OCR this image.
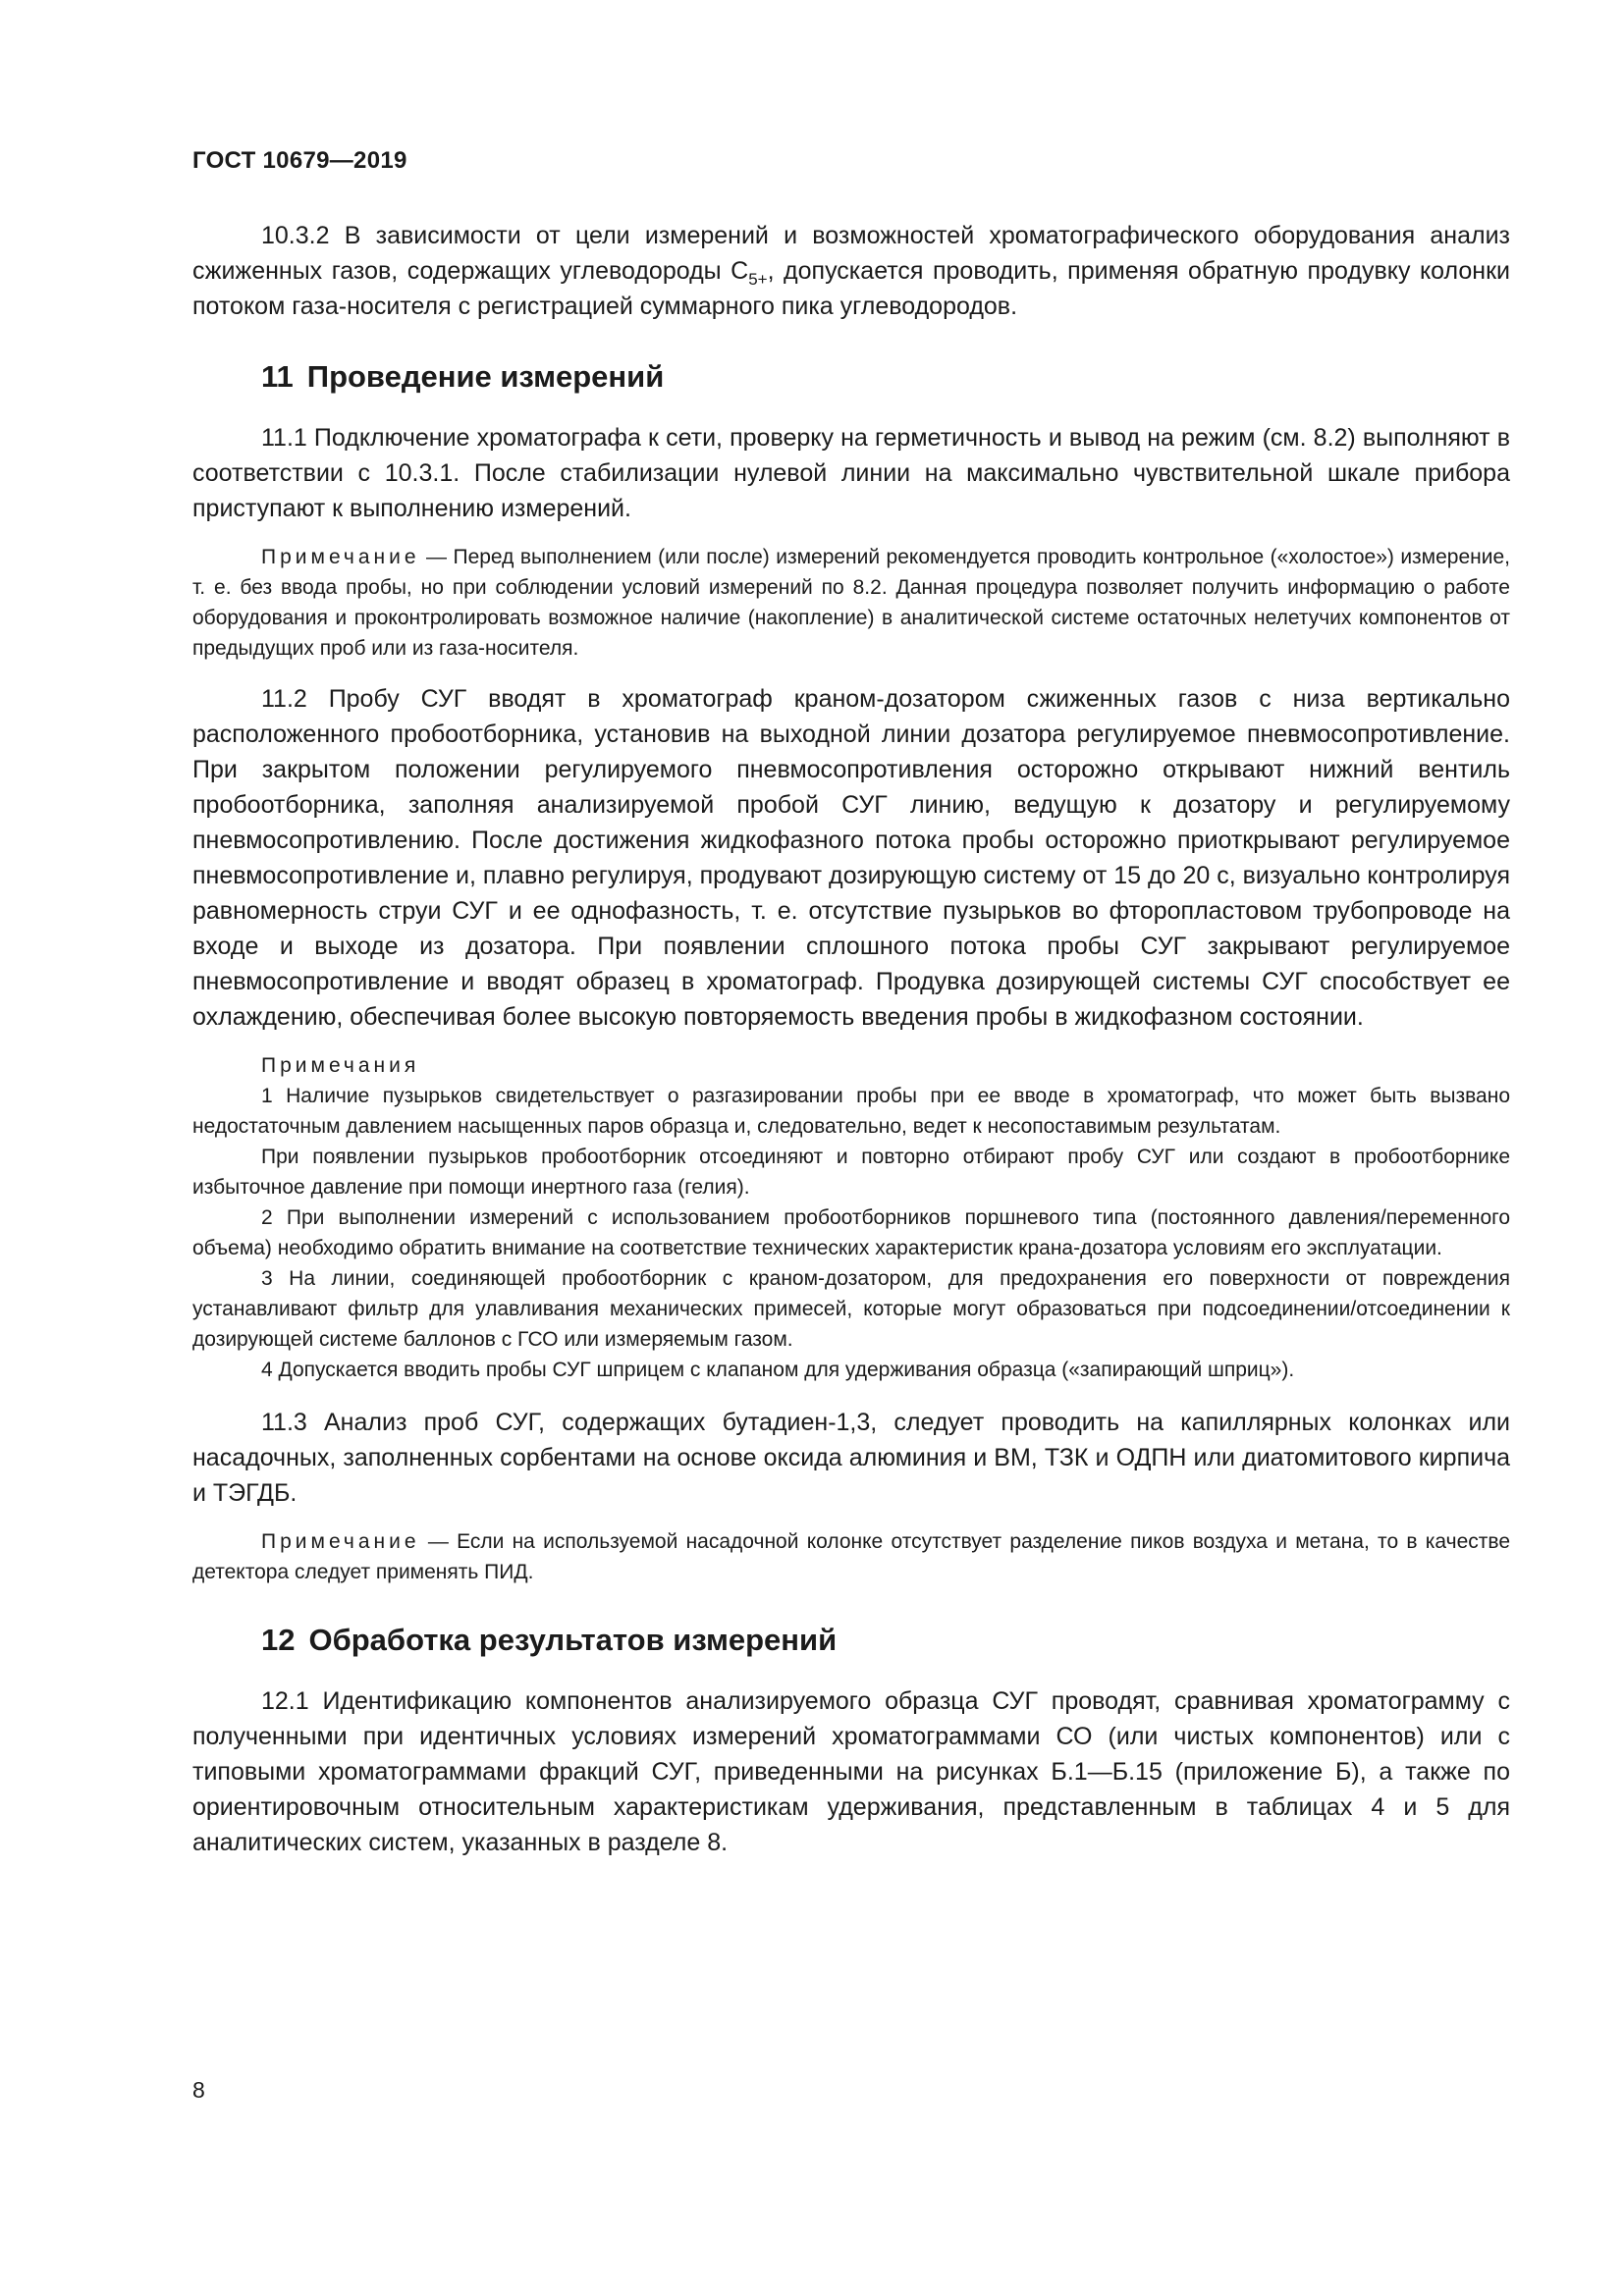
ГОСТ 10679—2019

10.3.2 В зависимости от цели измерений и возможностей хроматографического оборудования анализ сжиженных газов, содержащих углеводороды $С_{5+}$, допускается проводить, применяя обратную продувку колонки потоком газа-носителя с регистрацией суммарного пика углеводородов.

11 Проведение измерений

11.1 Подключение хроматографа к сети, проверку на герметичность и вывод на режим (см. 8.2) выполняют в соответствии с 10.3.1. После стабилизации нулевой линии на максимально чувствительной шкале прибора приступают к выполнению измерений.

Примечание — Перед выполнением (или после) измерений рекомендуется проводить контрольное («холостое») измерение, т. е. без ввода пробы, но при соблюдении условий измерений по 8.2. Данная процедура позволяет получить информацию о работе оборудования и проконтролировать возможное наличие (накопление) в аналитической системе остаточных нелетучих компонентов от предыдущих проб или из газа-носителя.

11.2 Пробу СУГ вводят в хроматограф краном-дозатором сжиженных газов с низа вертикально расположенного пробоотборника, установив на выходной линии дозатора регулируемое пневмосопротивление. При закрытом положении регулируемого пневмосопротивления осторожно открывают нижний вентиль пробоотборника, заполняя анализируемой пробой СУГ линию, ведущую к дозатору и регулируемому пневмосопротивлению. После достижения жидкофазного потока пробы осторожно приоткрывают регулируемое пневмосопротивление и, плавно регулируя, продувают дозирующую систему от 15 до 20 с, визуально контролируя равномерность струи СУГ и ее однофазность, т. е. отсутствие пузырьков во фторопластовом трубопроводе на входе и выходе из дозатора. При появлении сплошного потока пробы СУГ закрывают регулируемое пневмосопротивление и вводят образец в хроматограф. Продувка дозирующей системы СУГ способствует ее охлаждению, обеспечивая более высокую повторяемость введения пробы в жидкофазном состоянии.

Примечания

1 Наличие пузырьков свидетельствует о разгазировании пробы при ее вводе в хроматограф, что может быть вызвано недостаточным давлением насыщенных паров образца и, следовательно, ведет к несопоставимым результатам.

При появлении пузырьков пробоотборник отсоединяют и повторно отбирают пробу СУГ или создают в пробоотборнике избыточное давление при помощи инертного газа (гелия).

2 При выполнении измерений с использованием пробоотборников поршневого типа (постоянного давления/переменного объема) необходимо обратить внимание на соответствие технических характеристик крана-дозатора условиям его эксплуатации.

3 На линии, соединяющей пробоотборник с краном-дозатором, для предохранения его поверхности от повреждения устанавливают фильтр для улавливания механических примесей, которые могут образоваться при подсоединении/отсоединении к дозирующей системе баллонов с ГСО или измеряемым газом.

4 Допускается вводить пробы СУГ шприцем с клапаном для удерживания образца («запирающий шприц»).

11.3 Анализ проб СУГ, содержащих бутадиен-1,3, следует проводить на капиллярных колонках или насадочных, заполненных сорбентами на основе оксида алюминия и ВМ, ТЗК и ОДПН или диатомитового кирпича и ТЭГДБ.

Примечание — Если на используемой насадочной колонке отсутствует разделение пиков воздуха и метана, то в качестве детектора следует применять ПИД.

12 Обработка результатов измерений

12.1 Идентификацию компонентов анализируемого образца СУГ проводят, сравнивая хроматограмму с полученными при идентичных условиях измерений хроматограммами СО (или чистых компонентов) или с типовыми хроматограммами фракций СУГ, приведенными на рисунках Б.1—Б.15 (приложение Б), а также по ориентировочным относительным характеристикам удерживания, представленным в таблицах 4 и 5 для аналитических систем, указанных в разделе 8.

8
